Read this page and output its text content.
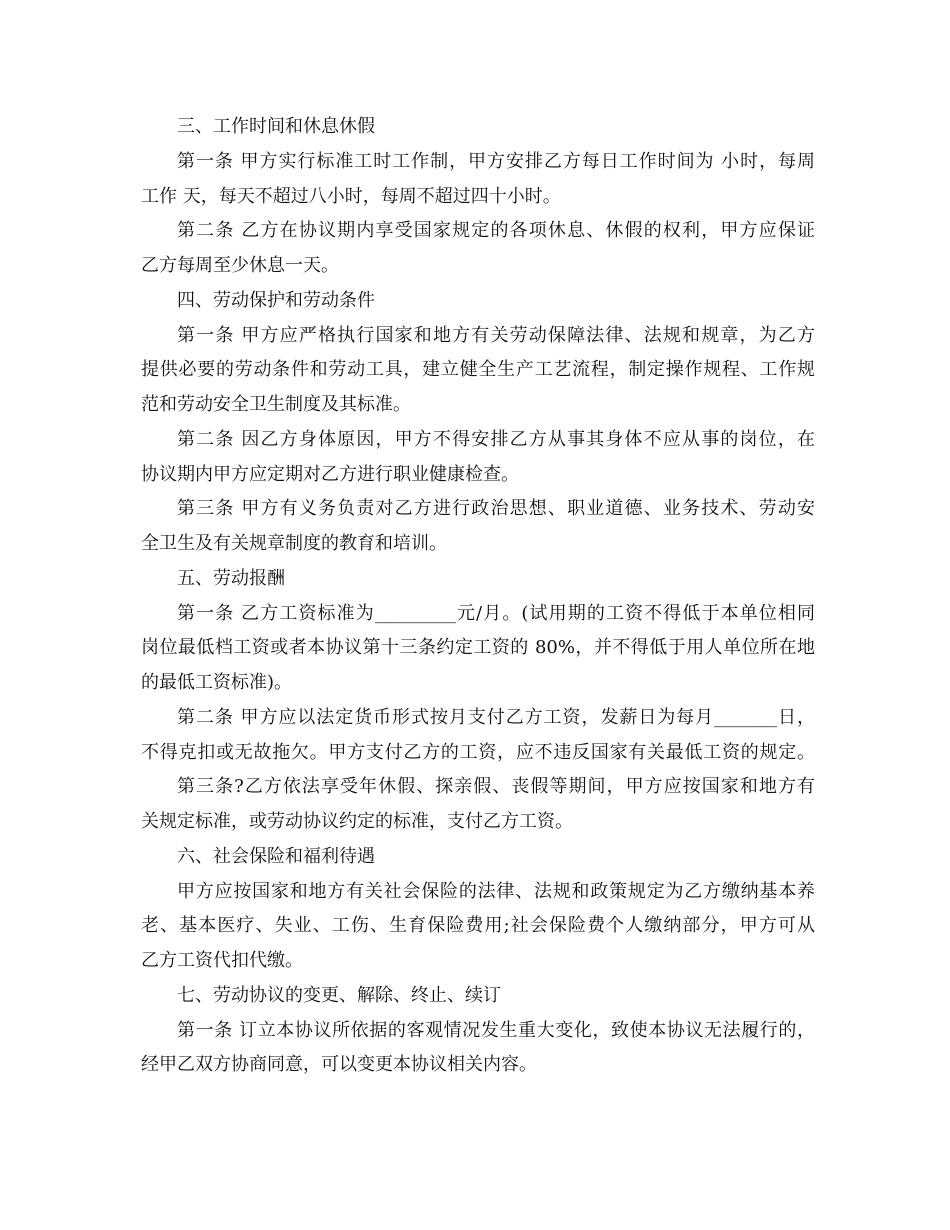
三、工作时间和休息休假
第一条 甲方实行标准工时工作制，甲方安排乙方每日工作时间为 小时，每周
工作 天，每天不超过八小时，每周不超过四十小时。
第二条 乙方在协议期内享受国家规定的各项休息、休假的权利，甲方应保证
乙方每周至少休息一天。
四、劳动保护和劳动条件
第一条 甲方应严格执行国家和地方有关劳动保障法律、法规和规章，为乙方
提供必要的劳动条件和劳动工具，建立健全生产工艺流程，制定操作规程、工作规
范和劳动安全卫生制度及其标准。
第二条 因乙方身体原因，甲方不得安排乙方从事其身体不应从事的岗位，在
协议期内甲方应定期对乙方进行职业健康检查。
第三条 甲方有义务负责对乙方进行政治思想、职业道德、业务技术、劳动安
全卫生及有关规章制度的教育和培训。
五、劳动报酬
第一条 乙方工资标准为_________元/月。(试用期的工资不得低于本单位相同
岗位最低档工资或者本协议第十三条约定工资的 80%，并不得低于用人单位所在地
的最低工资标准)。
第二条 甲方应以法定货币形式按月支付乙方工资，发薪日为每月_______日，
不得克扣或无故拖欠。甲方支付乙方的工资，应不违反国家有关最低工资的规定。
第三条?乙方依法享受年休假、探亲假、丧假等期间，甲方应按国家和地方有
关规定标准，或劳动协议约定的标准，支付乙方工资。
六、社会保险和福利待遇
甲方应按国家和地方有关社会保险的法律、法规和政策规定为乙方缴纳基本养
老、基本医疗、失业、工伤、生育保险费用;社会保险费个人缴纳部分，甲方可从
乙方工资代扣代缴。
七、劳动协议的变更、解除、终止、续订
第一条 订立本协议所依据的客观情况发生重大变化，致使本协议无法履行的，
经甲乙双方协商同意，可以变更本协议相关内容。
